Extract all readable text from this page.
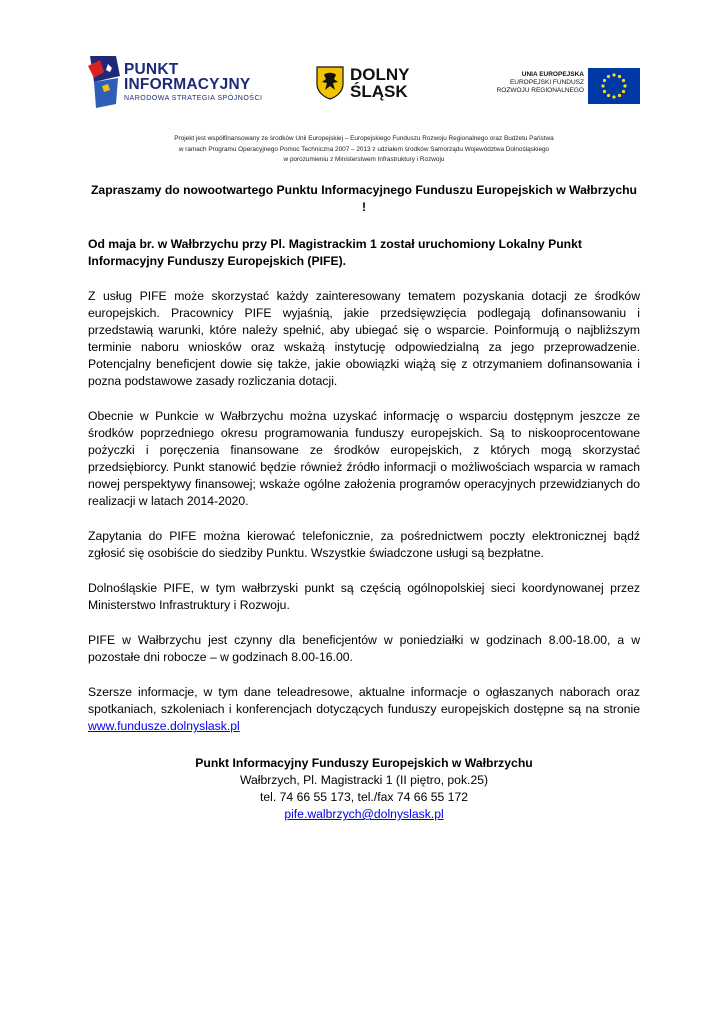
PUNKT
INFORMACYJNY
NARODOWA STRATEGIA SPÓJNOŚCI
DOLNY
ŚLĄSK
UNIA EUROPEJSKA
EUROPEJSKI FUNDUSZ
ROZWOJU REGIONALNEGO
Projekt jest współfinansowany ze środków Unii Europejskiej – Europejskiego Funduszu Rozwoju Regionalnego oraz Budżetu Państwa
w ramach Programu Operacyjnego Pomoc Techniczna 2007 – 2013 z udziałem środków Samorządu Województwa Dolnośląskiego
w porozumieniu z Ministerstwem Infrastruktury i Rozwoju

Zapraszamy do nowootwartego Punktu Informacyjnego Funduszu Europejskich w Wałbrzychu !

Od maja br. w Wałbrzychu przy Pl. Magistrackim 1 został uruchomiony Lokalny Punkt Informacyjny Funduszy Europejskich (PIFE).

Z usług PIFE może skorzystać każdy zainteresowany tematem pozyskania dotacji ze środków europejskich. Pracownicy PIFE wyjaśnią, jakie przedsięwzięcia podlegają dofinansowaniu i przedstawią warunki, które należy spełnić, aby ubiegać się o wsparcie. Poinformują o najbliższym terminie naboru wniosków oraz wskażą instytucję odpowiedzialną za jego przeprowadzenie. Potencjalny beneficjent dowie się także, jakie obowiązki wiążą się z otrzymaniem dofinansowania i pozna podstawowe zasady rozliczania dotacji.

Obecnie w Punkcie w Wałbrzychu można uzyskać informację o wsparciu dostępnym jeszcze ze środków poprzedniego okresu programowania funduszy europejskich. Są to niskooprocentowane pożyczki i poręczenia finansowane ze środków europejskich, z których mogą skorzystać przedsiębiorcy. Punkt stanowić będzie również źródło informacji o możliwościach wsparcia w ramach nowej perspektywy finansowej; wskaże ogólne założenia programów operacyjnych przewidzianych do realizacji w latach 2014-2020.

Zapytania do PIFE można kierować telefonicznie, za pośrednictwem poczty elektronicznej bądź zgłosić się osobiście do siedziby Punktu. Wszystkie świadczone usługi są bezpłatne.

Dolnośląskie PIFE, w tym wałbrzyski punkt są częścią ogólnopolskiej sieci koordynowanej przez Ministerstwo Infrastruktury i Rozwoju.

PIFE w Wałbrzychu jest czynny dla beneficjentów w poniedziałki w godzinach 8.00-18.00, a w pozostałe dni robocze – w godzinach 8.00-16.00.

Szersze informacje, w tym dane teleadresowe, aktualne informacje o ogłaszanych naborach oraz spotkaniach, szkoleniach i konferencjach dotyczących funduszy europejskich dostępne są na stronie www.fundusze.dolnyslask.pl

Punkt Informacyjny Funduszy Europejskich w Wałbrzychu
Wałbrzych, Pl. Magistracki 1 (II piętro, pok.25)
tel. 74 66 55 173, tel./fax 74 66 55 172
pife.walbrzych@dolnyslask.pl
